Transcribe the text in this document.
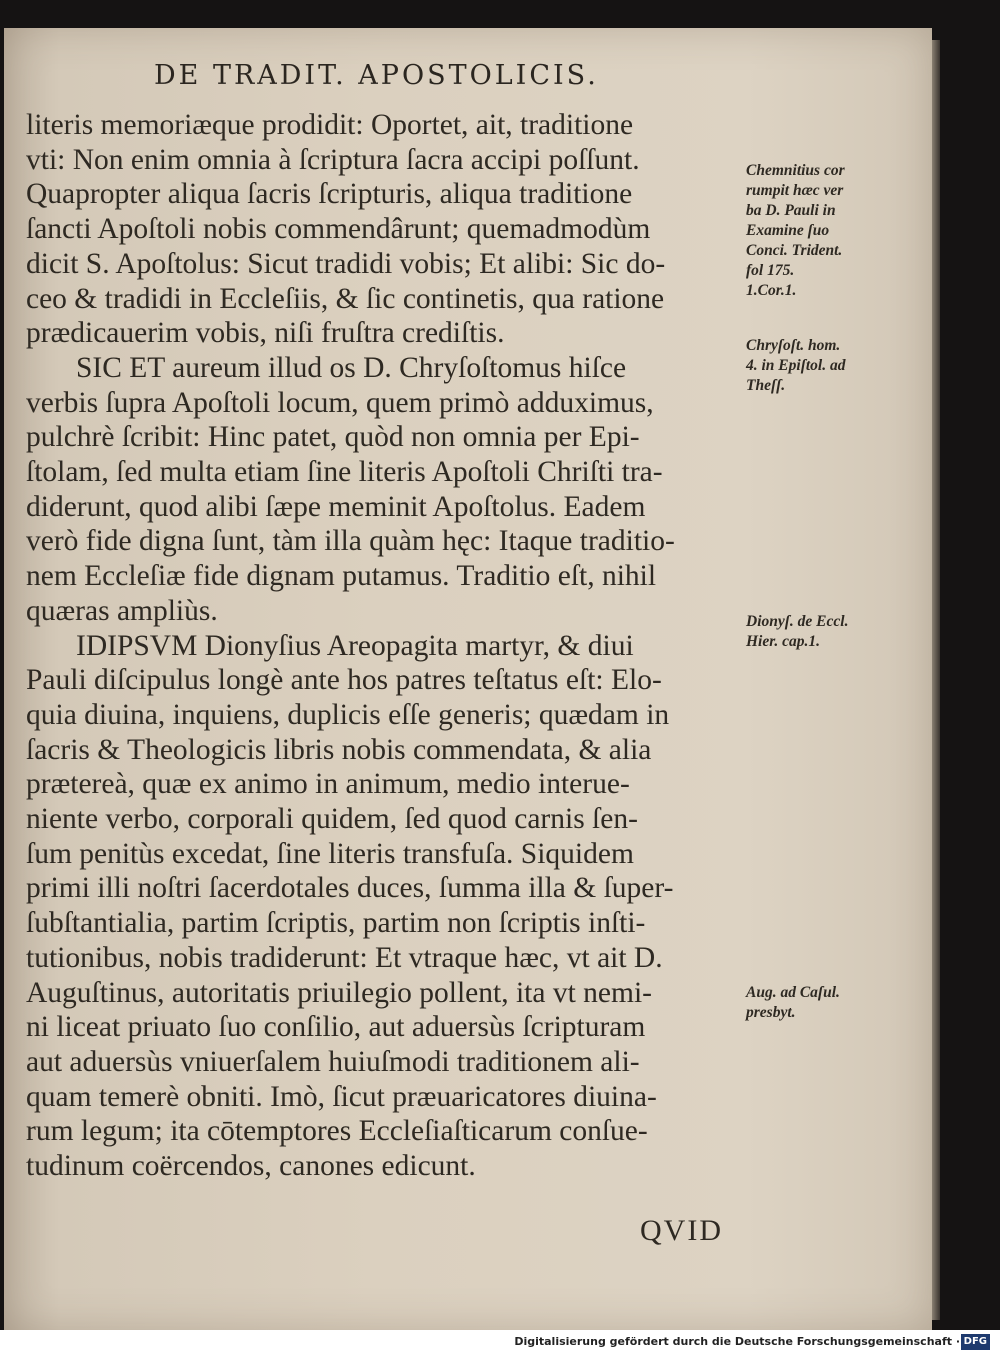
DE TRADIT. APOSTOLICIS.
literis memoriæque prodidit: Oportet, ait, traditione
vti: Non enim omnia à ſcriptura ſacra accipi poſſunt.
Quapropter aliqua ſacris ſcripturis, aliqua traditione
ſancti Apoſtoli nobis commendârunt; quemadmodùm
dicit S. Apoſtolus: Sicut tradidi vobis; Et alibi: Sic do-
ceo & tradidi in Eccleſiis, & ſic continetis, qua ratione
prædicauerim vobis, niſi fruſtra crediſtis.
SIC ET aureum illud os D. Chryſoſtomus hiſce
verbis ſupra Apoſtoli locum, quem primò adduximus,
pulchrè ſcribit: Hinc patet, quòd non omnia per Epi-
ſtolam, ſed multa etiam ſine literis Apoſtoli Chriſti tra-
diderunt, quod alibi ſæpe meminit Apoſtolus. Eadem
verò fide digna ſunt, tàm illa quàm hęc: Itaque traditio-
nem Eccleſiæ fide dignam putamus. Traditio eſt, nihil
quæras ampliùs.
IDIPSVM Dionyſius Areopagita martyr, & diui
Pauli diſcipulus longè ante hos patres teſtatus eſt: Elo-
quia diuina, inquiens, duplicis eſſe generis; quædam in
ſacris & Theologicis libris nobis commendata, & alia
prætereà, quæ ex animo in animum, medio interue-
niente verbo, corporali quidem, ſed quod carnis ſen-
ſum penitùs excedat, ſine literis transfuſa. Siquidem
primi illi noſtri ſacerdotales duces, ſumma illa & ſuper-
ſubſtantialia, partim ſcriptis, partim non ſcriptis inſti-
tutionibus, nobis tradiderunt: Et vtraque hæc, vt ait D.
Auguſtinus, autoritatis priuilegio pollent, ita vt nemi-
ni liceat priuato ſuo conſilio, aut aduersùs ſcripturam
aut aduersùs vniuerſalem huiuſmodi traditionem ali-
quam temerè obniti. Imò, ſicut præuaricatores diuina-
rum legum; ita cōtemptores Eccleſiaſticarum conſue-
tudinum coërcendos, canones edicunt.
Chemnitius cor
rumpit hæc ver
ba D. Pauli in
Examine ſuo
Conci. Trident.
fol 175.
1.Cor.1.
Chryſoſt. hom.
4. in Epiſtol. ad
Theſſ.
Dionyſ. de Eccl.
Hier. cap.1.
Aug. ad Caſul.
presbyt.
QVID
Digitalisierung gefördert durch die Deutsche Forschungsgemeinschaft · DFG
